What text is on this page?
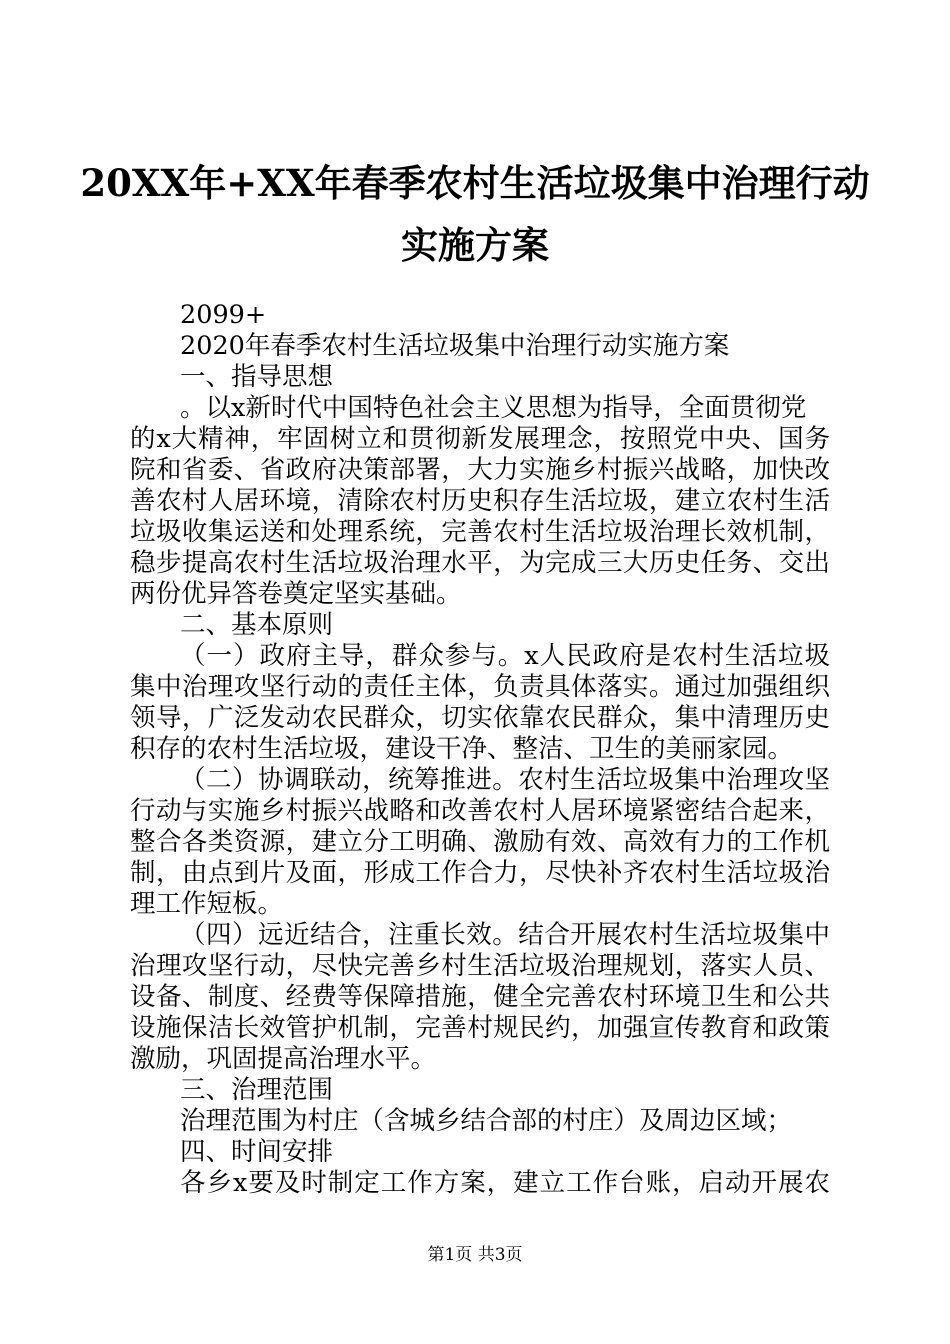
20XX年+XX年春季农村生活垃圾集中治理行动
实施方案

2099+

2020年春季农村生活垃圾集中治理行动实施方案

一、指导思想

。以x新时代中国特色社会主义思想为指导，全面贯彻党

的x大精神，牢固树立和贯彻新发展理念，按照党中央、国务

院和省委、省政府决策部署，大力实施乡村振兴战略，加快改

善农村人居环境，清除农村历史积存生活垃圾，建立农村生活

垃圾收集运送和处理系统，完善农村生活垃圾治理长效机制，

稳步提高农村生活垃圾治理水平，为完成三大历史任务、交出

两份优异答卷奠定坚实基础。

二、基本原则

（一）政府主导，群众参与。x人民政府是农村生活垃圾

集中治理攻坚行动的责任主体，负责具体落实。通过加强组织

领导，广泛发动农民群众，切实依靠农民群众，集中清理历史

积存的农村生活垃圾，建设干净、整洁、卫生的美丽家园。

（二）协调联动，统筹推进。农村生活垃圾集中治理攻坚

行动与实施乡村振兴战略和改善农村人居环境紧密结合起来，

整合各类资源，建立分工明确、激励有效、高效有力的工作机

制，由点到片及面，形成工作合力，尽快补齐农村生活垃圾治

理工作短板。

（四）远近结合，注重长效。结合开展农村生活垃圾集中

治理攻坚行动，尽快完善乡村生活垃圾治理规划，落实人员、

设备、制度、经费等保障措施，健全完善农村环境卫生和公共

设施保洁长效管护机制，完善村规民约，加强宣传教育和政策

激励，巩固提高治理水平。

三、治理范围

治理范围为村庄（含城乡结合部的村庄）及周边区域；

四、时间安排

各乡x要及时制定工作方案，建立工作台账，启动开展农

第1页 共3页
